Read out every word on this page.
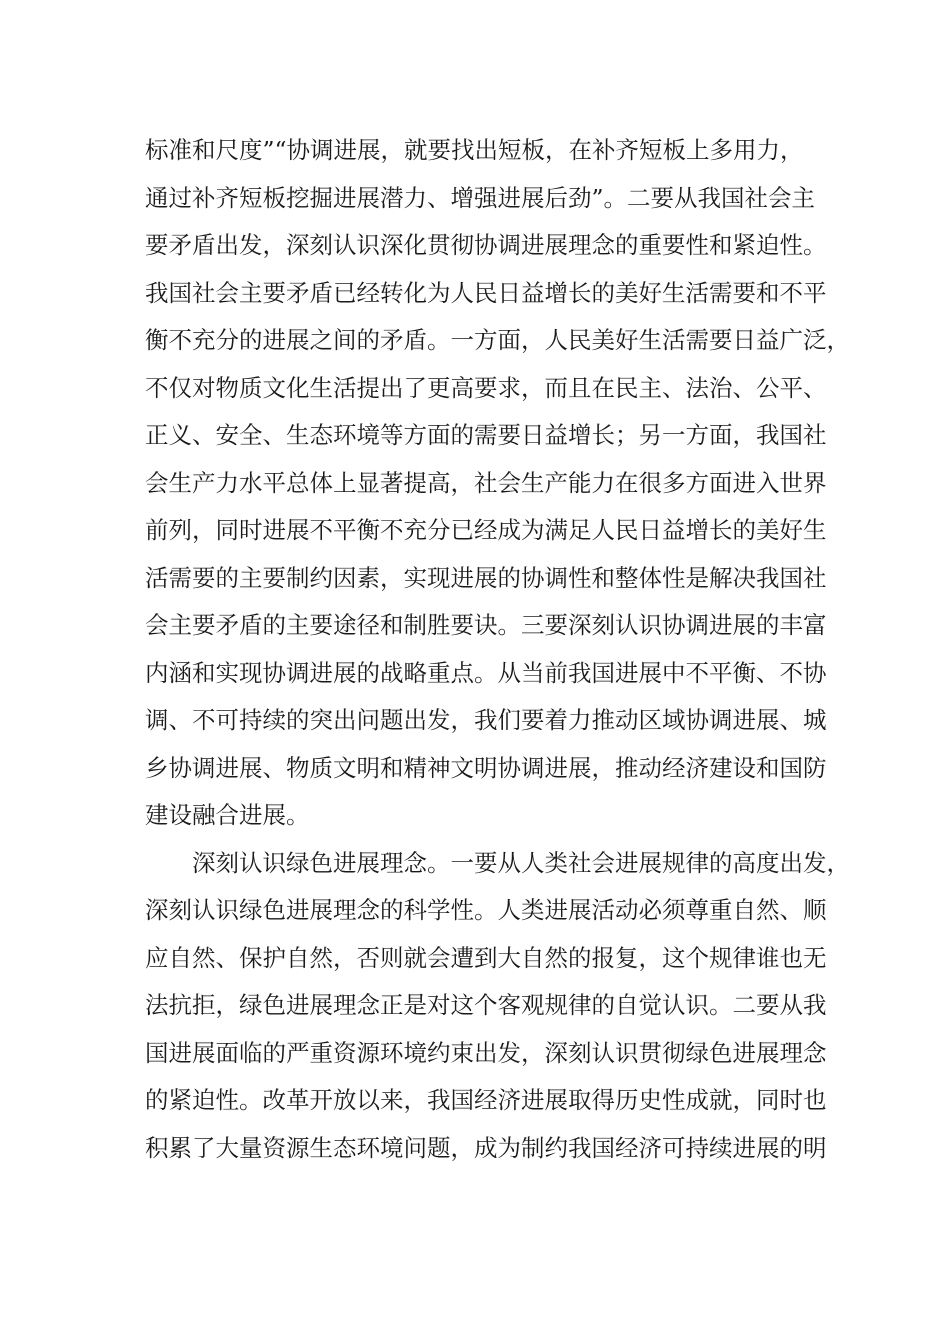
标准和尺度”“协调进展，就要找出短板，在补齐短板上多用力，
通过补齐短板挖掘进展潜力、增强进展后劲”。二要从我国社会主
要矛盾出发，深刻认识深化贯彻协调进展理念的重要性和紧迫性。
我国社会主要矛盾已经转化为人民日益增长的美好生活需要和不平
衡不充分的进展之间的矛盾。一方面，人民美好生活需要日益广泛，
不仅对物质文化生活提出了更高要求，而且在民主、法治、公平、
正义、安全、生态环境等方面的需要日益增长；另一方面，我国社
会生产力水平总体上显著提高，社会生产能力在很多方面进入世界
前列，同时进展不平衡不充分已经成为满足人民日益增长的美好生
活需要的主要制约因素，实现进展的协调性和整体性是解决我国社
会主要矛盾的主要途径和制胜要诀。三要深刻认识协调进展的丰富
内涵和实现协调进展的战略重点。从当前我国进展中不平衡、不协
调、不可持续的突出问题出发，我们要着力推动区域协调进展、城
乡协调进展、物质文明和精神文明协调进展，推动经济建设和国防
建设融合进展。
深刻认识绿色进展理念。一要从人类社会进展规律的高度出发，
深刻认识绿色进展理念的科学性。人类进展活动必须尊重自然、顺
应自然、保护自然，否则就会遭到大自然的报复，这个规律谁也无
法抗拒，绿色进展理念正是对这个客观规律的自觉认识。二要从我
国进展面临的严重资源环境约束出发，深刻认识贯彻绿色进展理念
的紧迫性。改革开放以来，我国经济进展取得历史性成就，同时也
积累了大量资源生态环境问题，成为制约我国经济可持续进展的明
